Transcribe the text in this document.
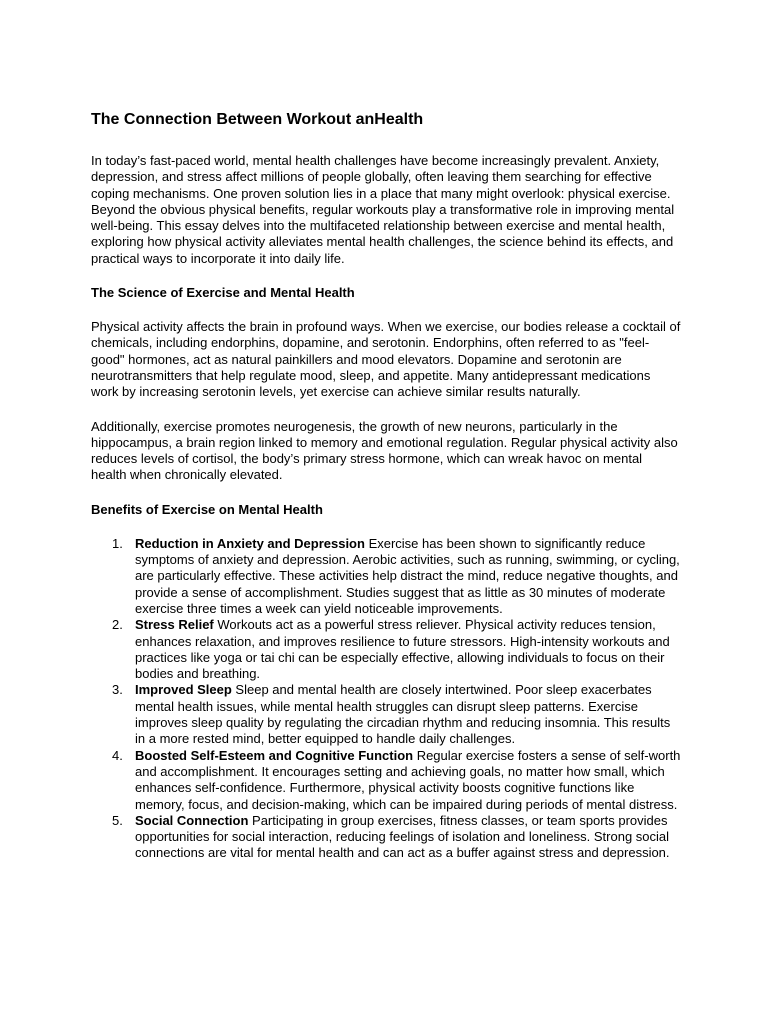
The Connection Between Workout anHealth

In today’s fast-paced world, mental health challenges have become increasingly prevalent. Anxiety, depression, and stress affect millions of people globally, often leaving them searching for effective coping mechanisms. One proven solution lies in a place that many might overlook: physical exercise. Beyond the obvious physical benefits, regular workouts play a transformative role in improving mental well-being. This essay delves into the multifaceted relationship between exercise and mental health, exploring how physical activity alleviates mental health challenges, the science behind its effects, and practical ways to incorporate it into daily life.

The Science of Exercise and Mental Health

Physical activity affects the brain in profound ways. When we exercise, our bodies release a cocktail of chemicals, including endorphins, dopamine, and serotonin. Endorphins, often referred to as "feel-good" hormones, act as natural painkillers and mood elevators. Dopamine and serotonin are neurotransmitters that help regulate mood, sleep, and appetite. Many antidepressant medications work by increasing serotonin levels, yet exercise can achieve similar results naturally.

Additionally, exercise promotes neurogenesis, the growth of new neurons, particularly in the hippocampus, a brain region linked to memory and emotional regulation. Regular physical activity also reduces levels of cortisol, the body’s primary stress hormone, which can wreak havoc on mental health when chronically elevated.

Benefits of Exercise on Mental Health
1. Reduction in Anxiety and Depression Exercise has been shown to significantly reduce symptoms of anxiety and depression. Aerobic activities, such as running, swimming, or cycling, are particularly effective. These activities help distract the mind, reduce negative thoughts, and provide a sense of accomplishment. Studies suggest that as little as 30 minutes of moderate exercise three times a week can yield noticeable improvements.
2. Stress Relief Workouts act as a powerful stress reliever. Physical activity reduces tension, enhances relaxation, and improves resilience to future stressors. High-intensity workouts and practices like yoga or tai chi can be especially effective, allowing individuals to focus on their bodies and breathing.
3. Improved Sleep Sleep and mental health are closely intertwined. Poor sleep exacerbates mental health issues, while mental health struggles can disrupt sleep patterns. Exercise improves sleep quality by regulating the circadian rhythm and reducing insomnia. This results in a more rested mind, better equipped to handle daily challenges.
4. Boosted Self-Esteem and Cognitive Function Regular exercise fosters a sense of self-worth and accomplishment. It encourages setting and achieving goals, no matter how small, which enhances self-confidence. Furthermore, physical activity boosts cognitive functions like memory, focus, and decision-making, which can be impaired during periods of mental distress.
5. Social Connection Participating in group exercises, fitness classes, or team sports provides opportunities for social interaction, reducing feelings of isolation and loneliness. Strong social connections are vital for mental health and can act as a buffer against stress and depression.
